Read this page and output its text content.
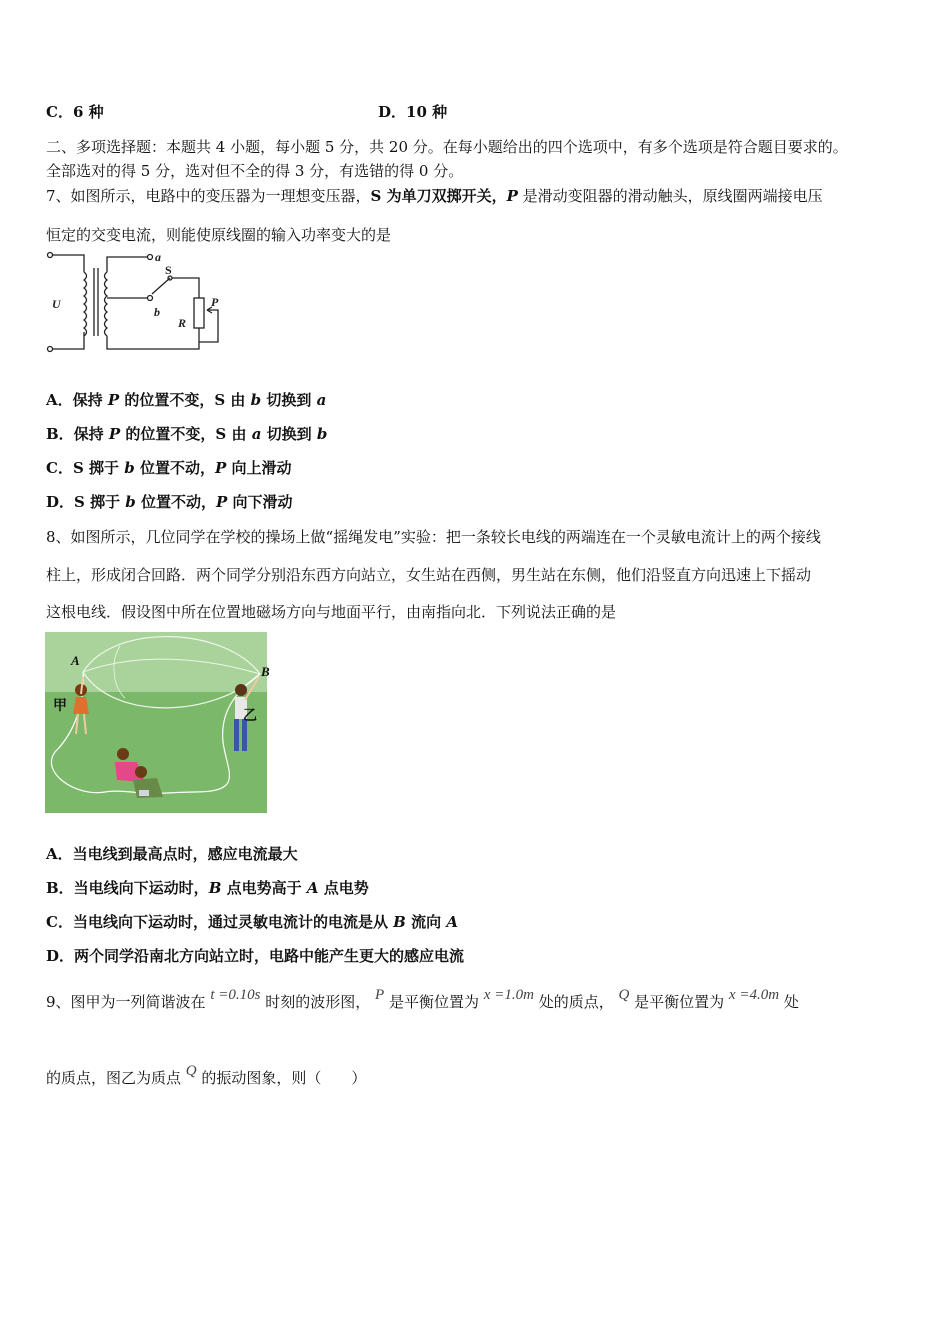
C．6 种	D．10 种
二、多项选择题：本题共 4 小题，每小题 5 分，共 20 分。在每小题给出的四个选项中，有多个选项是符合题目要求的。
全部选对的得 5 分，选对但不全的得 3 分，有选错的得 0 分。
7、如图所示，电路中的变压器为一理想变压器，S 为单刀双掷开关，P 是滑动变阻器的滑动触头，原线圈两端接电压
恒定的交变电流，则能使原线圈的输入功率变大的是
U
a
b
S
P
R
A．保持 P 的位置不变，S 由 b 切换到 a
B．保持 P 的位置不变，S 由 a 切换到 b
C．S 掷于 b 位置不动，P 向上滑动
D．S 掷于 b 位置不动，P 向下滑动
8、如图所示，几位同学在学校的操场上做“摇绳发电”实验：把一条较长电线的两端连在一个灵敏电流计上的两个接线
柱上，形成闭合回路．两个同学分别沿东西方向站立，女生站在西侧，男生站在东侧，他们沿竖直方向迅速上下摇动
这根电线．假设图中所在位置地磁场方向与地面平行，由南指向北．下列说法正确的是
A
B
甲
乙
A．当电线到最高点时，感应电流最大
B．当电线向下运动时，B 点电势高于 A 点电势
C．当电线向下运动时，通过灵敏电流计的电流是从 B 流向 A
D．两个同学沿南北方向站立时，电路中能产生更大的感应电流
9、图甲为一列简谐波在 t =0.10s 时刻的波形图， P 是平衡位置为 x =1.0m 处的质点， Q 是平衡位置为 x =4.0m 处
的质点，图乙为质点 Q 的振动图象，则（　　）
